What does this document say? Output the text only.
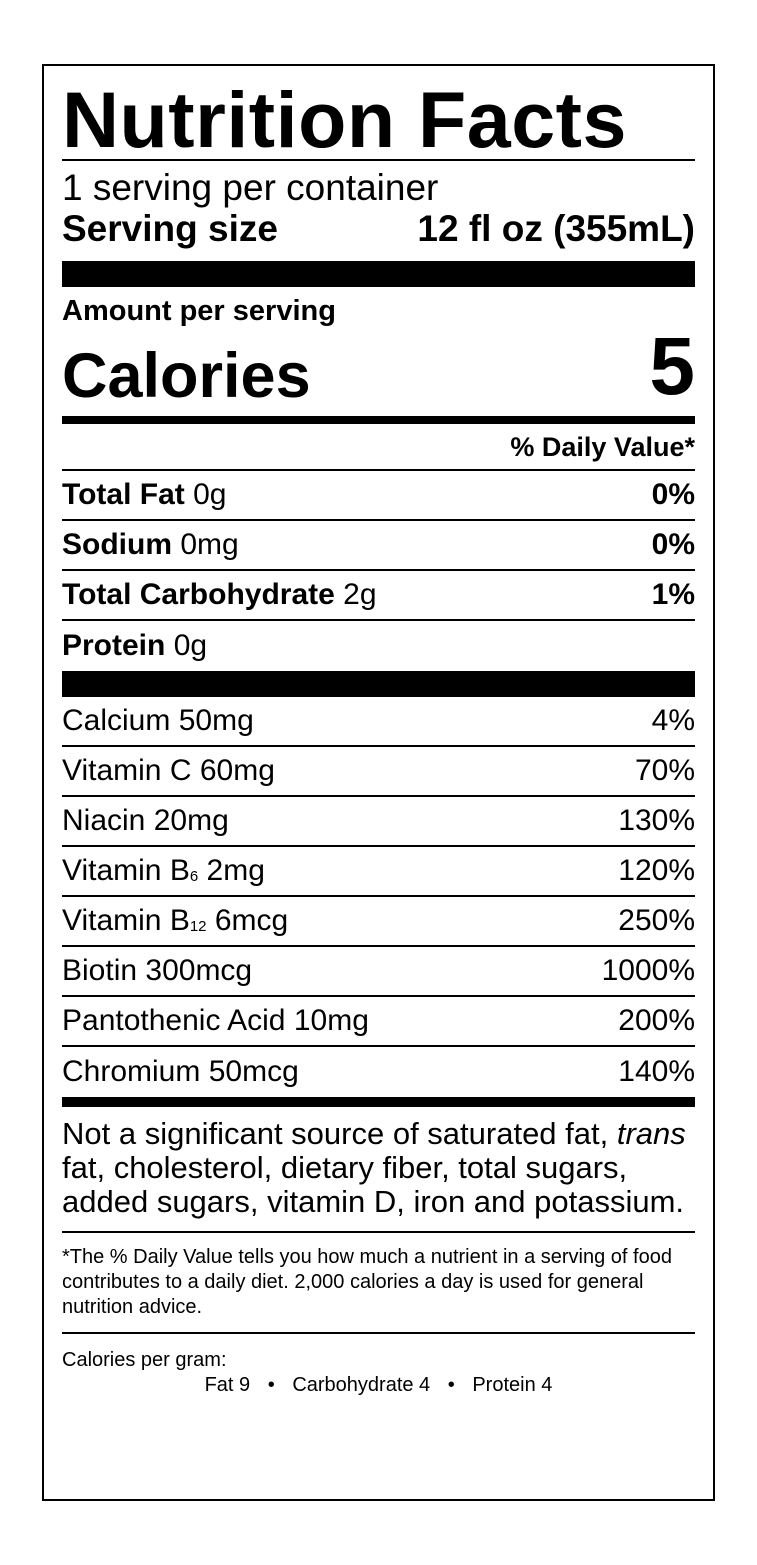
Nutrition Facts
1 serving per container
Serving size	12 fl oz (355mL)
Amount per serving
Calories	5
% Daily Value*
Total Fat 0g	0%
Sodium 0mg	0%
Total Carbohydrate 2g	1%
Protein 0g
Calcium 50mg	4%
Vitamin C 60mg	70%
Niacin 20mg	130%
Vitamin $B_6$ 2mg	120%
Vitamin $B_{12}$ 6mcg	250%
Biotin 300mcg	1000%
Pantothenic Acid 10mg	200%
Chromium 50mcg	140%
Not a significant source of saturated fat, trans fat, cholesterol, dietary fiber, total sugars, added sugars, vitamin D, iron and potassium.
*The % Daily Value tells you how much a nutrient in a serving of food contributes to a daily diet. 2,000 calories a day is used for general nutrition advice.
Calories per gram:
Fat 9 • Carbohydrate 4 • Protein 4
